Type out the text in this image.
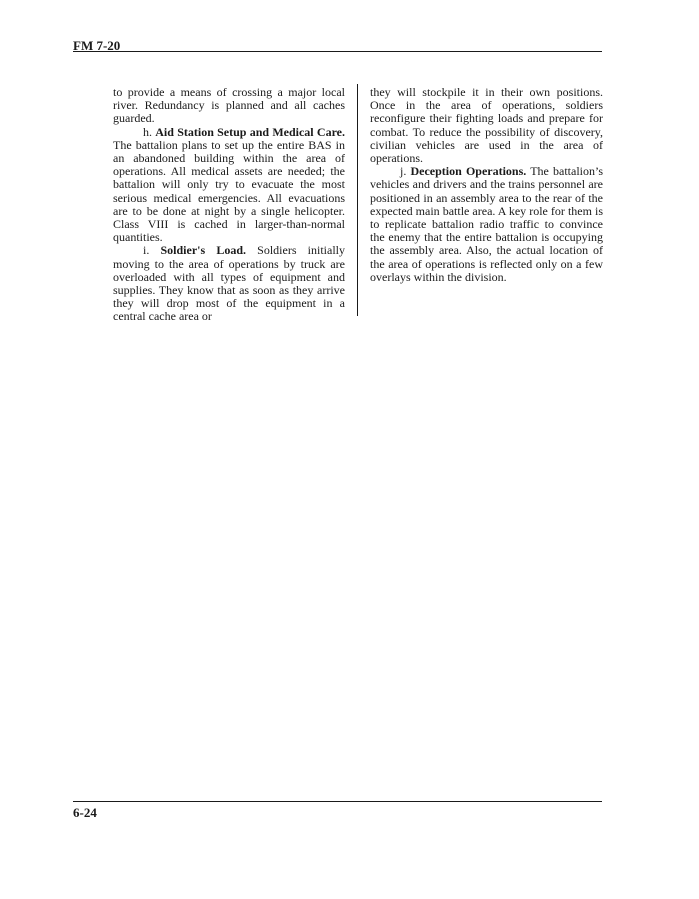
FM 7-20

to provide a means of crossing a major local river. Redundancy is planned and all caches guarded.

h. Aid Station Setup and Medical Care. The battalion plans to set up the entire BAS in an abandoned building within the area of operations. All medical assets are needed; the battalion will only try to evacuate the most serious medical emergencies. All evacuations are to be done at night by a single helicopter. Class VIII is cached in larger-than-normal quantities.

i. Soldier's Load. Soldiers initially moving to the area of operations by truck are overloaded with all types of equipment and supplies. They know that as soon as they arrive they will drop most of the equipment in a central cache area or

they will stockpile it in their own positions. Once in the area of operations, soldiers reconfigure their fighting loads and prepare for combat. To reduce the possibility of discovery, civilian vehicles are used in the area of operations.

j. Deception Operations. The battalion’s vehicles and drivers and the trains personnel are positioned in an assembly area to the rear of the expected main battle area. A key role for them is to replicate battalion radio traffic to convince the enemy that the entire battalion is occupying the assembly area. Also, the actual location of the area of operations is reflected only on a few overlays within the division.

6-24
